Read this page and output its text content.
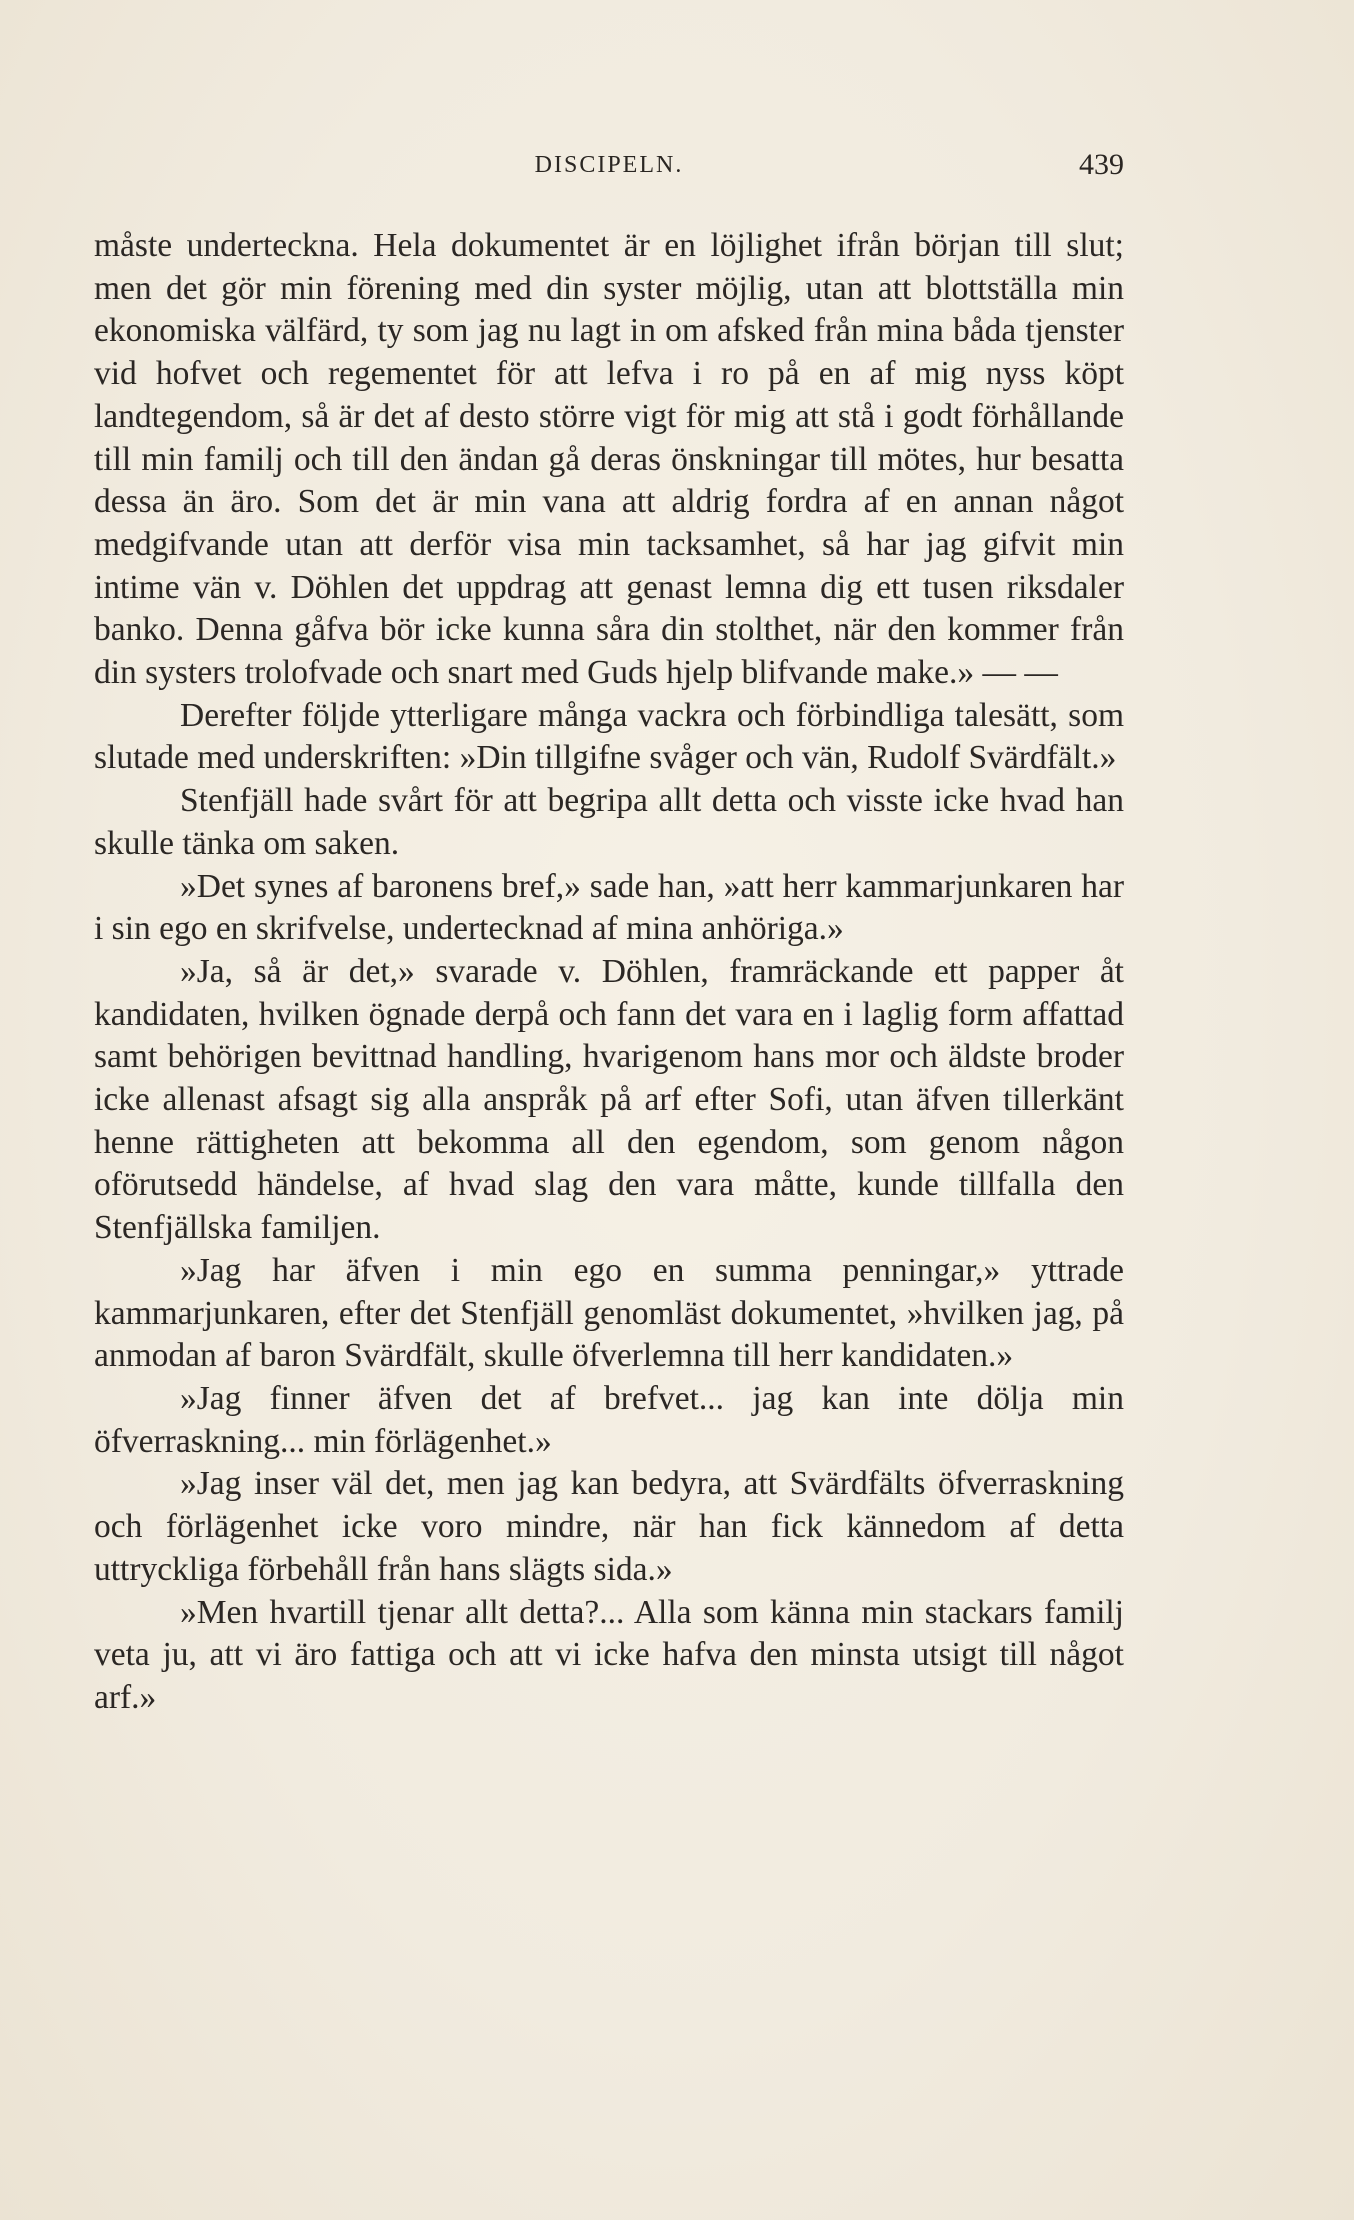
DISCIPELN.	439

måste underteckna. Hela dokumentet är en löjlighet ifrån början till slut; men det gör min förening med din syster möjlig, utan att blottställa min ekonomiska välfärd, ty som jag nu lagt in om afsked från mina båda tjenster vid hofvet och regementet för att lefva i ro på en af mig nyss köpt landtegendom, så är det af desto större vigt för mig att stå i godt förhållande till min familj och till den ändan gå deras önskningar till mötes, hur besatta dessa än äro. Som det är min vana att aldrig fordra af en annan något medgifvande utan att derför visa min tacksamhet, så har jag gifvit min intime vän v. Döhlen det uppdrag att genast lemna dig ett tusen riksdaler banko. Denna gåfva bör icke kunna såra din stolthet, när den kommer från din systers trolofvade och snart med Guds hjelp blifvande make.» — —

Derefter följde ytterligare många vackra och förbindliga talesätt, som slutade med underskriften: »Din tillgifne svåger och vän, Rudolf Svärdfält.»

Stenfjäll hade svårt för att begripa allt detta och visste icke hvad han skulle tänka om saken.

»Det synes af baronens bref,» sade han, »att herr kammarjunkaren har i sin ego en skrifvelse, undertecknad af mina anhöriga.»

»Ja, så är det,» svarade v. Döhlen, framräckande ett papper åt kandidaten, hvilken ögnade derpå och fann det vara en i laglig form affattad samt behörigen bevittnad handling, hvarigenom hans mor och äldste broder icke allenast afsagt sig alla anspråk på arf efter Sofi, utan äfven tillerkänt henne rättigheten att bekomma all den egendom, som genom någon oförutsedd händelse, af hvad slag den vara måtte, kunde tillfalla den Stenfjällska familjen.

»Jag har äfven i min ego en summa penningar,» yttrade kammarjunkaren, efter det Stenfjäll genomläst dokumentet, »hvilken jag, på anmodan af baron Svärdfält, skulle öfverlemna till herr kandidaten.»

»Jag finner äfven det af brefvet... jag kan inte dölja min öfverraskning... min förlägenhet.»

»Jag inser väl det, men jag kan bedyra, att Svärdfälts öfverraskning och förlägenhet icke voro mindre, när han fick kännedom af detta uttryckliga förbehåll från hans slägts sida.»

»Men hvartill tjenar allt detta?... Alla som känna min stackars familj veta ju, att vi äro fattiga och att vi icke hafva den minsta utsigt till något arf.»
